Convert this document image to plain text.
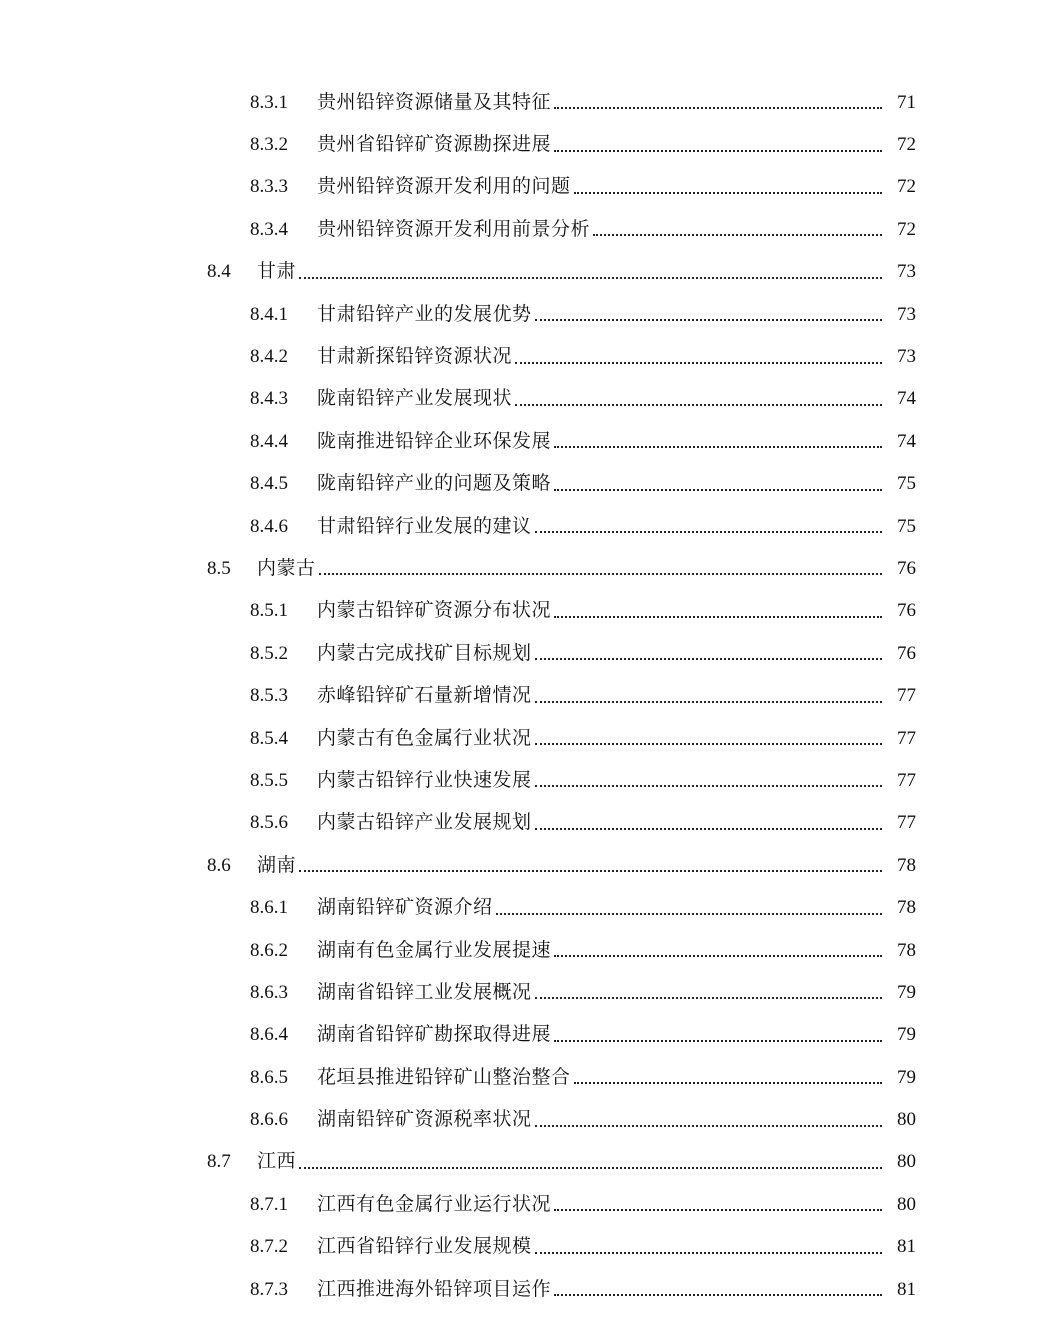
8.3.1	贵州铅锌资源储量及其特征	71
8.3.2	贵州省铅锌矿资源勘探进展	72
8.3.3	贵州铅锌资源开发利用的问题	72
8.3.4	贵州铅锌资源开发利用前景分析	72
8.4	甘肃	73
8.4.1	甘肃铅锌产业的发展优势	73
8.4.2	甘肃新探铅锌资源状况	73
8.4.3	陇南铅锌产业发展现状	74
8.4.4	陇南推进铅锌企业环保发展	74
8.4.5	陇南铅锌产业的问题及策略	75
8.4.6	甘肃铅锌行业发展的建议	75
8.5	内蒙古	76
8.5.1	内蒙古铅锌矿资源分布状况	76
8.5.2	内蒙古完成找矿目标规划	76
8.5.3	赤峰铅锌矿石量新增情况	77
8.5.4	内蒙古有色金属行业状况	77
8.5.5	内蒙古铅锌行业快速发展	77
8.5.6	内蒙古铅锌产业发展规划	77
8.6	湖南	78
8.6.1	湖南铅锌矿资源介绍	78
8.6.2	湖南有色金属行业发展提速	78
8.6.3	湖南省铅锌工业发展概况	79
8.6.4	湖南省铅锌矿勘探取得进展	79
8.6.5	花垣县推进铅锌矿山整治整合	79
8.6.6	湖南铅锌矿资源税率状况	80
8.7	江西	80
8.7.1	江西有色金属行业运行状况	80
8.7.2	江西省铅锌行业发展规模	81
8.7.3	江西推进海外铅锌项目运作	81
